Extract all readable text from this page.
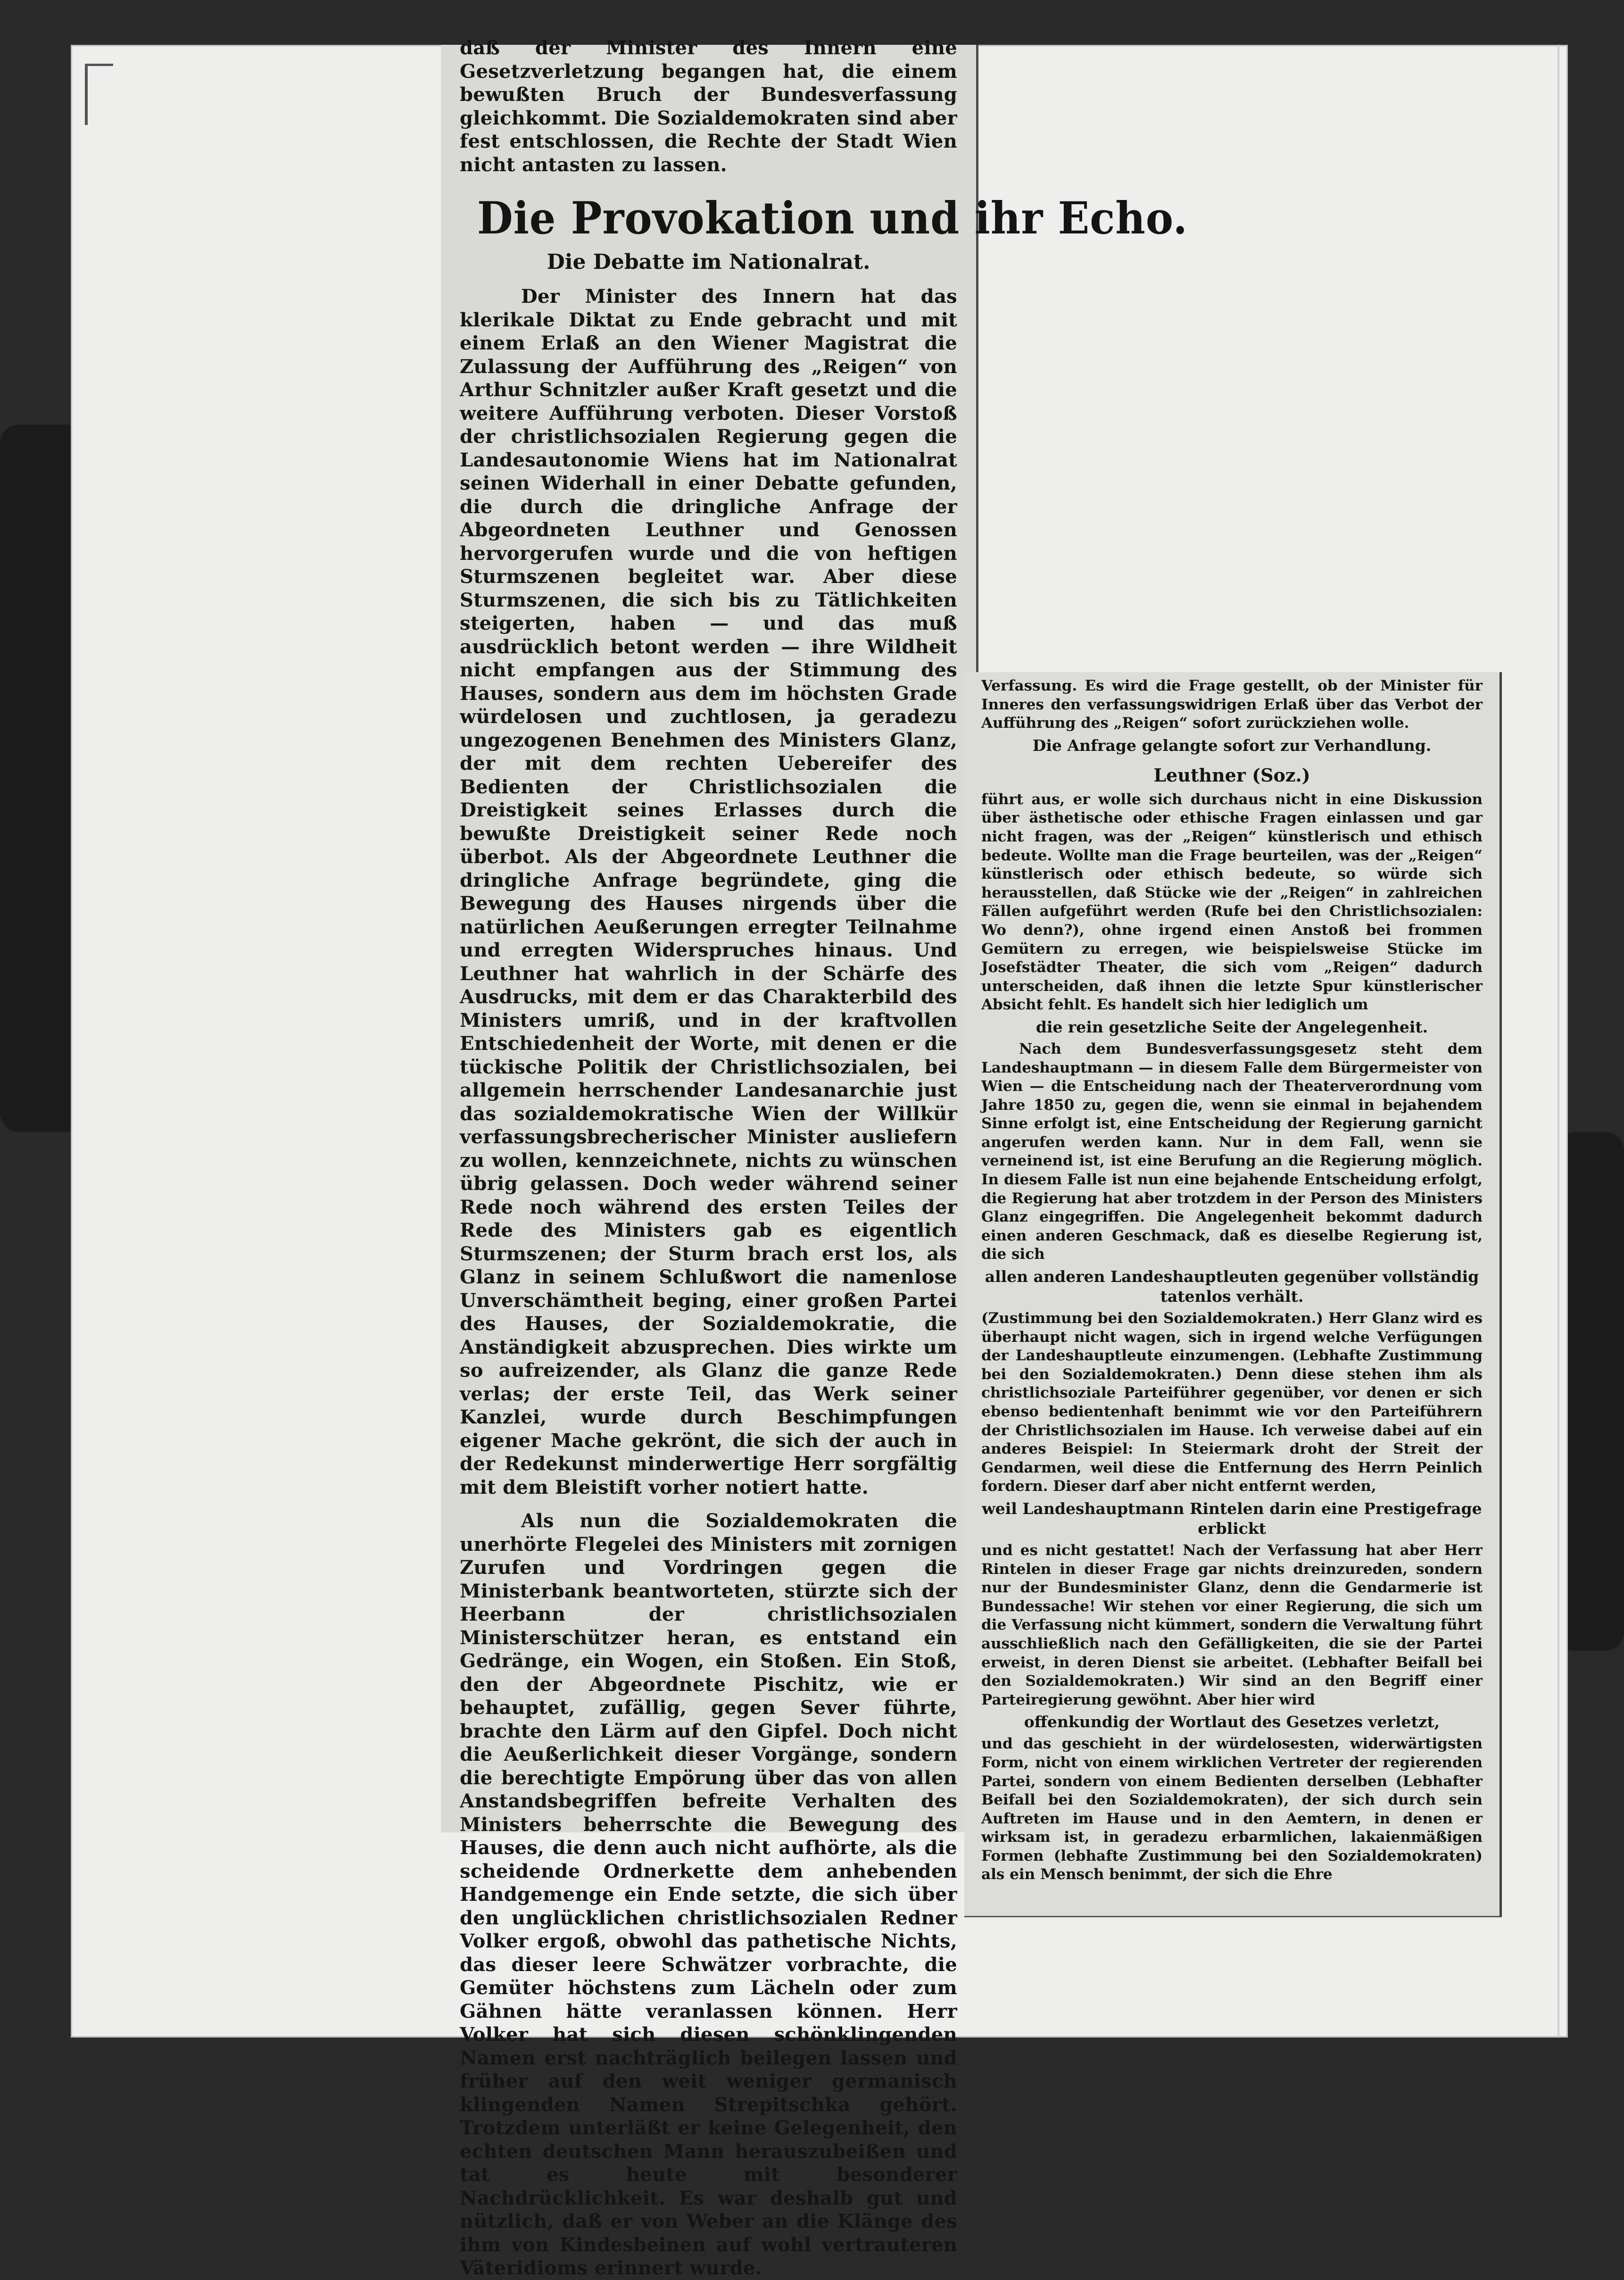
daß der Minister des Innern eine Gesetzverletzung begangen hat, die einem bewußten Bruch der Bundesverfassung gleichkommt. Die Sozialdemokraten sind aber fest entschlossen, die Rechte der Stadt Wien nicht antasten zu lassen.

Die Provokation und ihr Echo.
Die Debatte im Nationalrat.

Der Minister des Innern hat das klerikale Diktat zu Ende gebracht und mit einem Erlaß an den Wiener Magistrat die Zulassung der Aufführung des „Reigen“ von Arthur Schnitzler außer Kraft gesetzt und die weitere Aufführung verboten. Dieser Vorstoß der christlichsozialen Regierung gegen die Landesautonomie Wiens hat im Nationalrat seinen Widerhall in einer Debatte gefunden, die durch die dringliche Anfrage der Abgeordneten Leuthner und Genossen hervorgerufen wurde und die von heftigen Sturmszenen begleitet war. Aber diese Sturmszenen, die sich bis zu Tätlichkeiten steigerten, haben — und das muß ausdrücklich betont werden — ihre Wildheit nicht empfangen aus der Stimmung des Hauses, sondern aus dem im höchsten Grade würdelosen und zuchtlosen, ja geradezu ungezogenen Benehmen des Ministers Glanz, der mit dem rechten Uebereifer des Bedienten der Christlichsozialen die Dreistigkeit seines Erlasses durch die bewußte Dreistigkeit seiner Rede noch überbot. Als der Abgeordnete Leuthner die dringliche Anfrage begründete, ging die Bewegung des Hauses nirgends über die natürlichen Aeußerungen erregter Teilnahme und erregten Widerspruches hinaus. Und Leuthner hat wahrlich in der Schärfe des Ausdrucks, mit dem er das Charakterbild des Ministers umriß, und in der kraftvollen Entschiedenheit der Worte, mit denen er die tückische Politik der Christlichsozialen, bei allgemein herrschender Landesanarchie just das sozialdemokratische Wien der Willkür verfassungsbrecherischer Minister ausliefern zu wollen, kennzeichnete, nichts zu wünschen übrig gelassen. Doch weder während seiner Rede noch während des ersten Teiles der Rede des Ministers gab es eigentlich Sturmszenen; der Sturm brach erst los, als Glanz in seinem Schlußwort die namenlose Unverschämtheit beging, einer großen Partei des Hauses, der Sozialdemokratie, die Anständigkeit abzusprechen. Dies wirkte um so aufreizender, als Glanz die ganze Rede verlas; der erste Teil, das Werk seiner Kanzlei, wurde durch Beschimpfungen eigener Mache gekrönt, die sich der auch in der Redekunst minderwertige Herr sorgfältig mit dem Bleistift vorher notiert hatte.

Als nun die Sozialdemokraten die unerhörte Flegelei des Ministers mit zornigen Zurufen und Vordringen gegen die Ministerbank beantworteten, stürzte sich der Heerbann der christlichsozialen Ministerschützer heran, es entstand ein Gedränge, ein Wogen, ein Stoßen. Ein Stoß, den der Abgeordnete Pischitz, wie er behauptet, zufällig, gegen Sever führte, brachte den Lärm auf den Gipfel. Doch nicht die Aeußerlichkeit dieser Vorgänge, sondern die berechtigte Empörung über das von allen Anstandsbegriffen befreite Verhalten des Ministers beherrschte die Bewegung des Hauses, die denn auch nicht aufhörte, als die scheidende Ordnerkette dem anhebenden Handgemenge ein Ende setzte, die sich über den unglücklichen christlichsozialen Redner Volker ergoß, obwohl das pathetische Nichts, das dieser leere Schwätzer vorbrachte, die Gemüter höchstens zum Lächeln oder zum Gähnen hätte veranlassen können. Herr Volker hat sich diesen schönklingenden Namen erst nachträglich beilegen lassen und früher auf den weit weniger germanisch klingenden Namen Strepitschka gehört. Trotzdem unterläßt er keine Gelegenheit, den echten deutschen Mann herauszubeißen und tat es heute mit besonderer Nachdrücklichkeit. Es war deshalb gut und nützlich, daß er von Weber an die Klänge des ihm von Kindesbeinen auf wohl vertrauteren Väteridioms erinnert wurde.

Verfassung. Es wird die Frage gestellt, ob der Minister für Inneres den verfassungswidrigen Erlaß über das Verbot der Aufführung des „Reigen“ sofort zurückziehen wolle.

Die Anfrage gelangte sofort zur Verhandlung.
Leuthner (Soz.)

führt aus, er wolle sich durchaus nicht in eine Diskussion über ästhetische oder ethische Fragen einlassen und gar nicht fragen, was der „Reigen“ künstlerisch und ethisch bedeute. Wollte man die Frage beurteilen, was der „Reigen“ künstlerisch oder ethisch bedeute, so würde sich herausstellen, daß Stücke wie der „Reigen“ in zahlreichen Fällen aufgeführt werden (Rufe bei den Christlichsozialen: Wo denn?), ohne irgend einen Anstoß bei frommen Gemütern zu erregen, wie beispielsweise Stücke im Josefstädter Theater, die sich vom „Reigen“ dadurch unterscheiden, daß ihnen die letzte Spur künstlerischer Absicht fehlt. Es handelt sich hier lediglich um

die rein gesetzliche Seite der Angelegenheit.

Nach dem Bundesverfassungsgesetz steht dem Landeshauptmann — in diesem Falle dem Bürgermeister von Wien — die Entscheidung nach der Theaterverordnung vom Jahre 1850 zu, gegen die, wenn sie einmal in bejahendem Sinne erfolgt ist, eine Entscheidung der Regierung garnicht angerufen werden kann. Nur in dem Fall, wenn sie verneinend ist, ist eine Berufung an die Regierung möglich. In diesem Falle ist nun eine bejahende Entscheidung erfolgt, die Regierung hat aber trotzdem in der Person des Ministers Glanz eingegriffen. Die Angelegenheit bekommt dadurch einen anderen Geschmack, daß es dieselbe Regierung ist, die sich

allen anderen Landeshauptleuten gegenüber vollständig tatenlos verhält.

(Zustimmung bei den Sozialdemokraten.) Herr Glanz wird es überhaupt nicht wagen, sich in irgend welche Verfügungen der Landeshauptleute einzumengen. (Lebhafte Zustimmung bei den Sozialdemokraten.) Denn diese stehen ihm als christlichsoziale Parteiführer gegenüber, vor denen er sich ebenso bedientenhaft benimmt wie vor den Parteiführern der Christlichsozialen im Hause. Ich verweise dabei auf ein anderes Beispiel: In Steiermark droht der Streit der Gendarmen, weil diese die Entfernung des Herrn Peinlich fordern. Dieser darf aber nicht entfernt werden,

weil Landeshauptmann Rintelen darin eine Prestigefrage erblickt

und es nicht gestattet! Nach der Verfassung hat aber Herr Rintelen in dieser Frage gar nichts dreinzureden, sondern nur der Bundesminister Glanz, denn die Gendarmerie ist Bundessache! Wir stehen vor einer Regierung, die sich um die Verfassung nicht kümmert, sondern die Verwaltung führt ausschließlich nach den Gefälligkeiten, die sie der Partei erweist, in deren Dienst sie arbeitet. (Lebhafter Beifall bei den Sozialdemokraten.) Wir sind an den Begriff einer Parteiregierung gewöhnt. Aber hier wird

offenkundig der Wortlaut des Gesetzes verletzt,

und das geschieht in der würdelosesten, widerwärtigsten Form, nicht von einem wirklichen Vertreter der regierenden Partei, sondern von einem Bedienten derselben (Lebhafter Beifall bei den Sozialdemokraten), der sich durch sein Auftreten im Hause und in den Aemtern, in denen er wirksam ist, in geradezu erbarmlichen, lakaienmäßigen Formen (lebhafte Zustimmung bei den Sozialdemokraten) als ein Mensch benimmt, der sich die Ehre
